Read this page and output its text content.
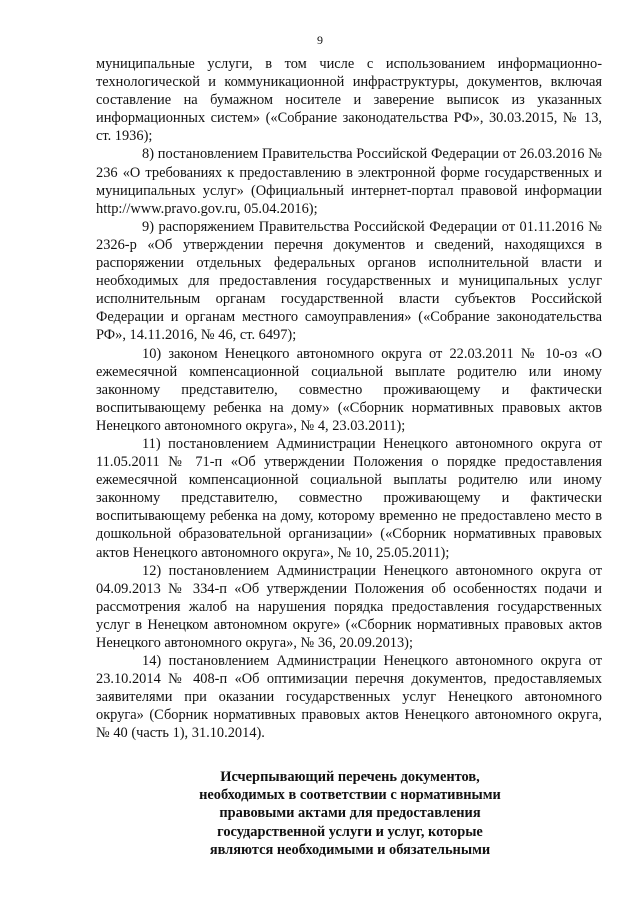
9

муниципальные услуги, в том числе с использованием информационно-технологической и коммуникационной инфраструктуры, документов, включая составление на бумажном носителе и заверение выписок из указанных информационных систем» («Собрание законодательства РФ», 30.03.2015, № 13, ст. 1936);

8) постановлением Правительства Российской Федерации от 26.03.2016 № 236 «О требованиях к предоставлению в электронной форме государственных и муниципальных услуг» (Официальный интернет-портал правовой информации http://www.pravo.gov.ru, 05.04.2016);

9) распоряжением Правительства Российской Федерации от 01.11.2016 № 2326-р «Об утверждении перечня документов и сведений, находящихся в распоряжении отдельных федеральных органов исполнительной власти и необходимых для предоставления государственных и муниципальных услуг исполнительным органам государственной власти субъектов Российской Федерации и органам местного самоуправления» («Собрание законодательства РФ», 14.11.2016, № 46, ст. 6497);

10) законом Ненецкого автономного округа от 22.03.2011 № 10-оз «О ежемесячной компенсационной социальной выплате родителю или иному законному представителю, совместно проживающему и фактически воспитывающему ребенка на дому» («Сборник нормативных правовых актов Ненецкого автономного округа», № 4, 23.03.2011);

11) постановлением Администрации Ненецкого автономного округа от 11.05.2011 № 71-п «Об утверждении Положения о порядке предоставления ежемесячной компенсационной социальной выплаты родителю или иному законному представителю, совместно проживающему и фактически воспитывающему ребенка на дому, которому временно не предоставлено место в дошкольной образовательной организации» («Сборник нормативных правовых актов Ненецкого автономного округа», № 10, 25.05.2011);

12) постановлением Администрации Ненецкого автономного округа от 04.09.2013 № 334-п «Об утверждении Положения об особенностях подачи и рассмотрения жалоб на нарушения порядка предоставления государственных услуг в Ненецком автономном округе» («Сборник нормативных правовых актов Ненецкого автономного округа», № 36, 20.09.2013);

14) постановлением Администрации Ненецкого автономного округа от 23.10.2014 № 408-п «Об оптимизации перечня документов, предоставляемых заявителями при оказании государственных услуг Ненецкого автономного округа» (Сборник нормативных правовых актов Ненецкого автономного округа, № 40 (часть 1), 31.10.2014).

Исчерпывающий перечень документов,
необходимых в соответствии с нормативными
правовыми актами для предоставления
государственной услуги и услуг, которые
являются необходимыми и обязательными
